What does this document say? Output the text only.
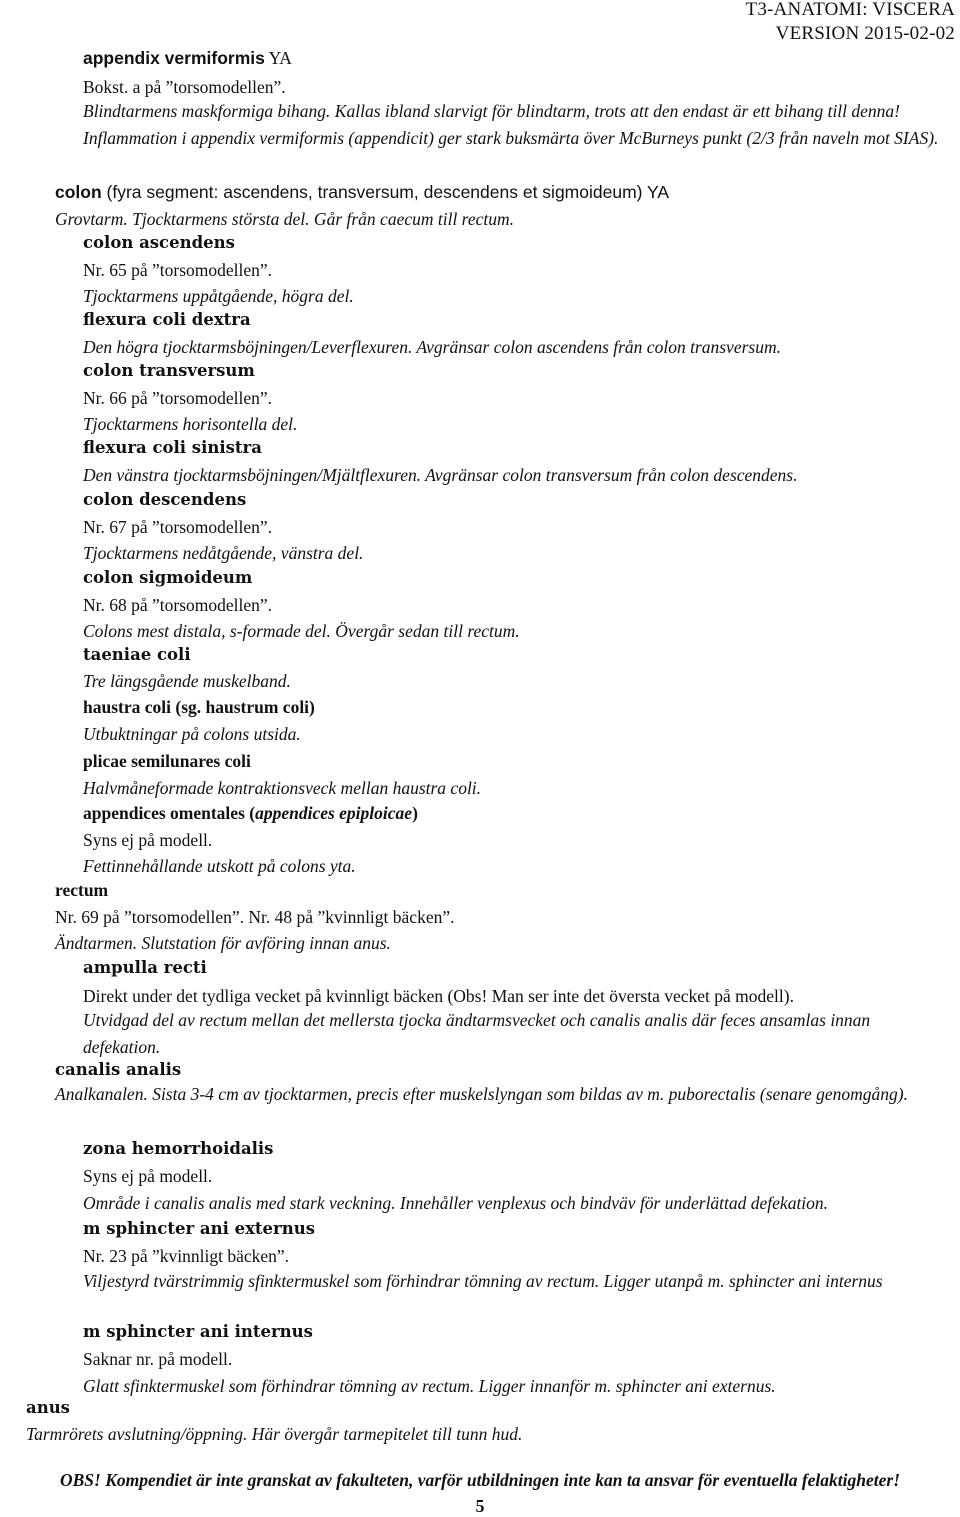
T3-ANATOMI: VISCERA
VERSION 2015-02-02
appendix vermiformis YA
Bokst. a på ”torsomodellen”.
Blindtarmens maskformiga bihang. Kallas ibland slarvigt för blindtarm, trots att den endast är ett bihang till denna! Inflammation i appendix vermiformis (appendicit) ger stark buksmärta över McBurneys punkt (2/3 från naveln mot SIAS).
colon (fyra segment: ascendens, transversum, descendens et sigmoideum) YA
Grovtarm. Tjocktarmens största del. Går från caecum till rectum.
colon ascendens
Nr. 65 på ”torsomodellen”.
Tjocktarmens uppåtgående, högra del.
flexura coli dextra
Den högra tjocktarmsböjningen/Leverflexuren. Avgränsar colon ascendens från colon transversum.
colon transversum
Nr. 66 på ”torsomodellen”.
Tjocktarmens horisontella del.
flexura coli sinistra
Den vänstra tjocktarmsböjningen/Mjältflexuren. Avgränsar colon transversum från colon descendens.
colon descendens
Nr. 67 på ”torsomodellen”.
Tjocktarmens nedåtgående, vänstra del.
colon sigmoideum
Nr. 68 på ”torsomodellen”.
Colons mest distala, s-formade del. Övergår sedan till rectum.
taeniae coli
Tre längsgående muskelband.
haustra coli (sg. haustrum coli)
Utbuktningar på colons utsida.
plicae semilunares coli
Halvmåneformade kontraktionsveck mellan haustra coli.
appendices omentales (appendices epiploicae)
Syns ej på modell.
Fettinnehållande utskott på colons yta.
rectum
Nr. 69 på ”torsomodellen”. Nr. 48 på ”kvinnligt bäcken”.
Ändtarmen. Slutstation för avföring innan anus.
ampulla recti
Direkt under det tydliga vecket på kvinnligt bäcken (Obs! Man ser inte det översta vecket på modell).
Utvidgad del av rectum mellan det mellersta tjocka ändtarmsvecket och canalis analis där feces ansamlas innan defekation.
canalis analis
Analkanalen. Sista 3-4 cm av tjocktarmen, precis efter muskelslyngan som bildas av m. puborectalis (senare genomgång).
zona hemorrhoidalis
Syns ej på modell.
Område i canalis analis med stark veckning. Innehåller venplexus och bindväv för underlättad defekation.
m sphincter ani externus
Nr. 23 på ”kvinnligt bäcken”.
Viljestyrd tvärstrimmig sfinktermuskel som förhindrar tömning av rectum. Ligger utanpå m. sphincter ani internus
m sphincter ani internus
Saknar nr. på modell.
Glatt sfinktermuskel som förhindrar tömning av rectum. Ligger innanför m. sphincter ani externus.
anus
Tarmrörets avslutning/öppning. Här övergår tarmepitelet till tunn hud.
OBS! Kompendiet är inte granskat av fakulteten, varför utbildningen inte kan ta ansvar för eventuella felaktigheter!
5
